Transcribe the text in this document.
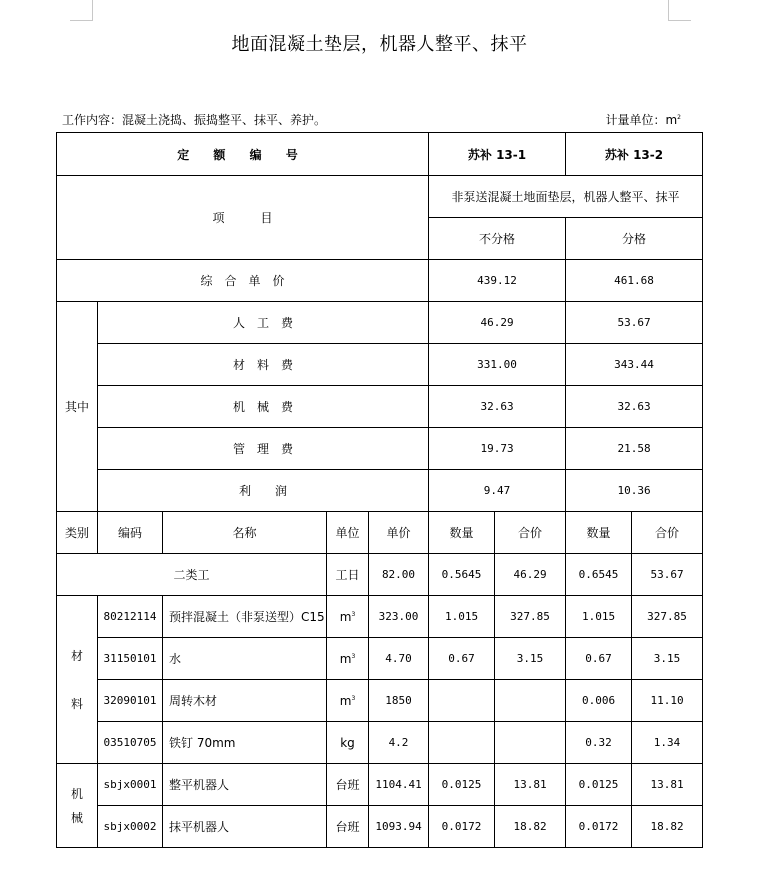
地面混凝土垫层，机器人整平、抹平
工作内容：混凝土浇捣、振捣整平、抹平、养护。	计量单位：$m^2$
定 额 编 号					苏补 13-1		苏补 13-2	
项　　　目					非泵送混凝土地面垫层，机器人整平、抹平			
					不分格		分格	
综　合　单　价					439.12		461.68	
其中	人　工　费				46.29		53.67	
	材　料　费				331.00		343.44	
	机　械　费				32.63		32.63	
	管　理　费				19.73		21.58	
	利　　润				9.47		10.36	
类别	编码	名称	单位	单价	数量	合价	数量	合价
二类工			工日	82.00	0.5645	46.29	0.6545	53.67
材

料	80212114	预拌混凝土（非泵送型）C15	$m^3$	323.00	1.015	327.85	1.015	327.85
	31150101	水	$m^3$	4.70	0.67	3.15	0.67	3.15
	32090101	周转木材	$m^3$	1850			0.006	11.10
	03510705	铁钉 70mm	kg	4.2			0.32	1.34
机
械	sbjx0001	整平机器人	台班	1104.41	0.0125	13.81	0.0125	13.81
	sbjx0002	抹平机器人	台班	1093.94	0.0172	18.82	0.0172	18.82
